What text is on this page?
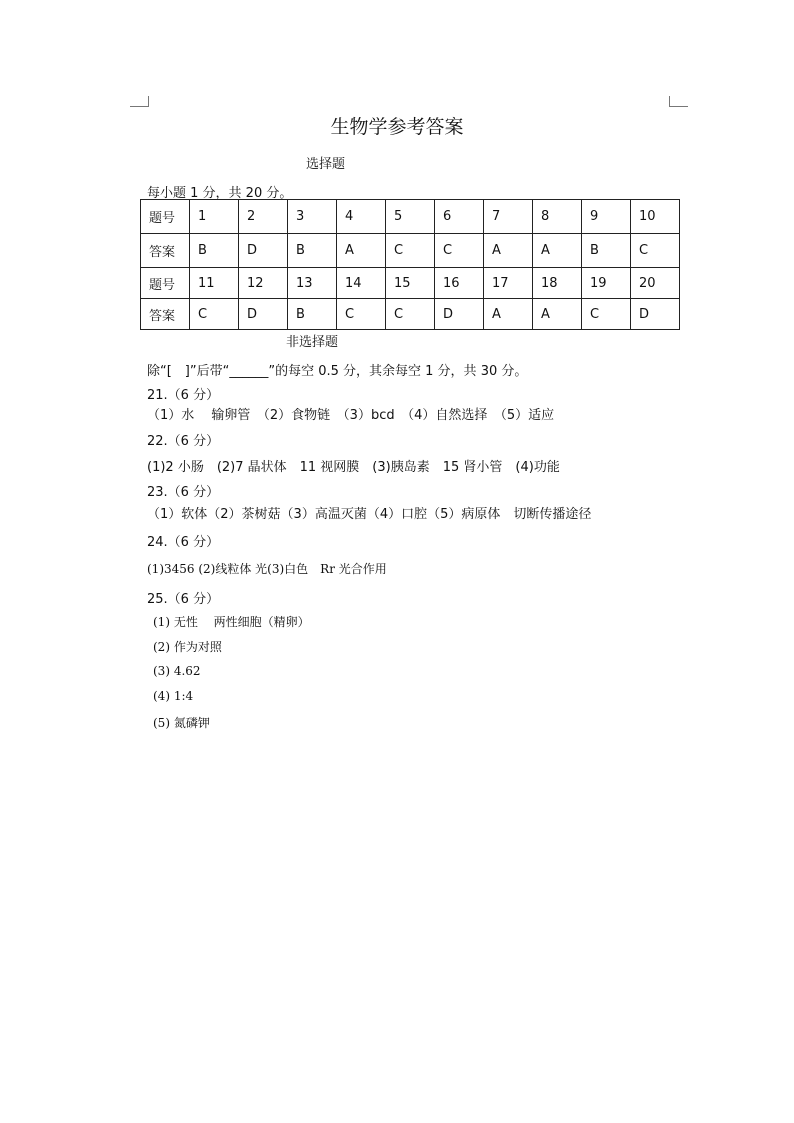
生物学参考答案
选择题
每小题 1 分，共 20 分。
题号	1	2	3	4	5	6	7	8	9	10
答案	B	D	B	A	C	C	A	A	B	C
题号	11	12	13	14	15	16	17	18	19	20
答案	C	D	B	C	C	D	A	A	C	D
非选择题
除“[　]”后带“______”的每空 0.5 分，其余每空 1 分，共 30 分。
21.（6 分）
（1）水　 输卵管　（2）食物链　（3）bcd　（4）自然选择　（5）适应
22.（6 分）
(1)2 小肠　(2)7 晶状体　11 视网膜　(3)胰岛素　15 肾小管　(4)功能
23.（6 分）
（1）软体（2）茶树菇（3）高温灭菌（4）口腔（5）病原体　切断传播途径
24.（6 分）
(1)3456 (2)线粒体 光(3)白色　Rr 光合作用
25.（6 分）
(1) 无性　 两性细胞（精卵）
(2) 作为对照
(3) 4.62
(4) 1:4
(5) 氮磷钾
